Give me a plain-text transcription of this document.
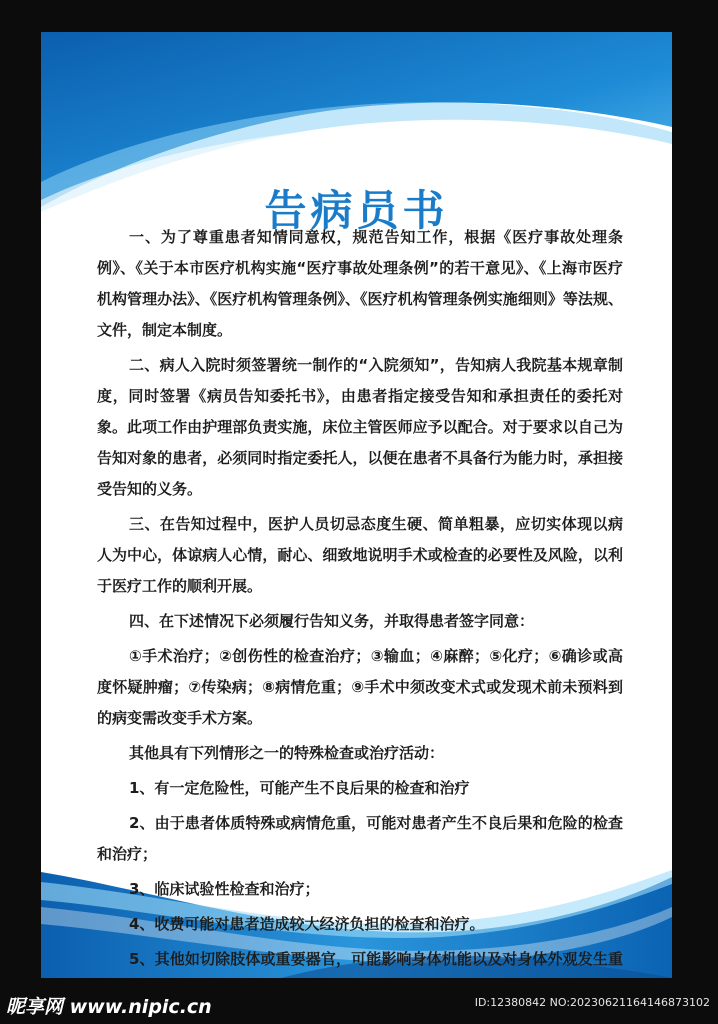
告病员书

一、为了尊重患者知情同意权，规范告知工作，根据《医疗事故处理条例》、《关于本市医疗机构实施“医疗事故处理条例”的若干意见》、《上海市医疗机构管理办法》、《医疗机构管理条例》、《医疗机构管理条例实施细则》等法规、文件，制定本制度。

二、病人入院时须签署统一制作的“入院须知”，告知病人我院基本规章制度，同时签署《病员告知委托书》，由患者指定接受告知和承担责任的委托对象。此项工作由护理部负责实施，床位主管医师应予以配合。对于要求以自己为告知对象的患者，必须同时指定委托人，以便在患者不具备行为能力时，承担接受告知的义务。

三、在告知过程中，医护人员切忌态度生硬、简单粗暴，应切实体现以病人为中心，体谅病人心情，耐心、细致地说明手术或检查的必要性及风险，以利于医疗工作的顺利开展。

四、在下述情况下必须履行告知义务，并取得患者签字同意：

①手术治疗；②创伤性的检查治疗；③输血；④麻醉；⑤化疗；⑥确诊或高度怀疑肿瘤；⑦传染病；⑧病情危重；⑨手术中须改变术式或发现术前未预料到的病变需改变手术方案。

其他具有下列情形之一的特殊检查或治疗活动：

1、有一定危险性，可能产生不良后果的检查和治疗

2、由于患者体质特殊或病情危重，可能对患者产生不良后果和危险的检查和治疗；

3、临床试验性检查和治疗；

4、收费可能对患者造成较大经济负担的检查和治疗。

5、其他如切除肢体或重要器官，可能影响身体机能以及对身体外观发生重

昵享网 www.nipic.cn	ID:12380842 NO:20230621164146873102
